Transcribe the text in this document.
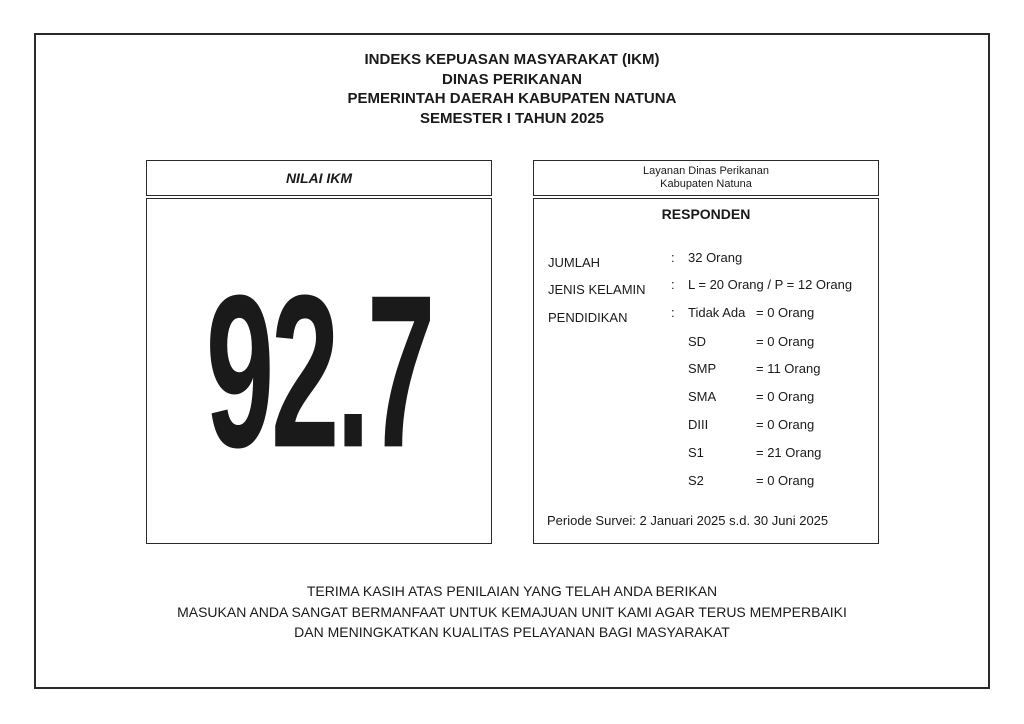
INDEKS KEPUASAN MASYARAKAT (IKM)
DINAS PERIKANAN
PEMERINTAH DAERAH KABUPATEN NATUNA
SEMESTER I TAHUN 2025
NILAI IKM
92.7
Layanan Dinas Perikanan
Kabupaten Natuna
RESPONDEN
JUMLAH	: 32 Orang
JENIS KELAMIN : L = 20 Orang / P = 12 Orang
PENDIDIKAN	: Tidak Ada = 0 Orang
SD	= 0 Orang
SMP	= 11 Orang
SMA	= 0 Orang
DIII	= 0 Orang
S1	= 21 Orang
S2	= 0 Orang
Periode Survei: 2 Januari 2025 s.d. 30 Juni 2025
TERIMA KASIH ATAS PENILAIAN YANG TELAH ANDA BERIKAN
MASUKAN ANDA SANGAT BERMANFAAT UNTUK KEMAJUAN UNIT KAMI AGAR TERUS MEMPERBAIKI
DAN MENINGKATKAN KUALITAS PELAYANAN BAGI MASYARAKAT
